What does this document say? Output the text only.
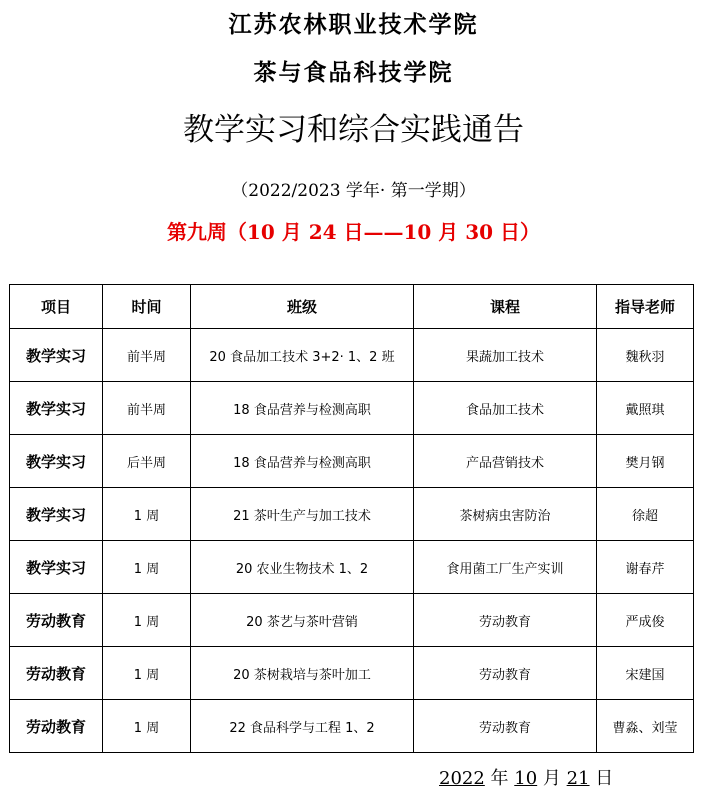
江苏农林职业技术学院
茶与食品科技学院
教学实习和综合实践通告
（2022/2023 学年· 第一学期）
第九周（10 月 24 日——10 月 30 日）
项目	时间	班级	课程	指导老师
教学实习	前半周	20 食品加工技术 3+2· 1、2 班	果蔬加工技术	魏秋羽
教学实习	前半周	18 食品营养与检测高职	食品加工技术	戴照琪
教学实习	后半周	18 食品营养与检测高职	产品营销技术	樊月钢
教学实习	1 周	21 茶叶生产与加工技术	茶树病虫害防治	徐超
教学实习	1 周	20 农业生物技术 1、2	食用菌工厂生产实训	谢春芹
劳动教育	1 周	20 茶艺与茶叶营销	劳动教育	严成俊
劳动教育	1 周	20 茶树栽培与茶叶加工	劳动教育	宋建国
劳动教育	1 周	22 食品科学与工程 1、2	劳动教育	曹淼、刘莹
2022 年 10 月 21 日
